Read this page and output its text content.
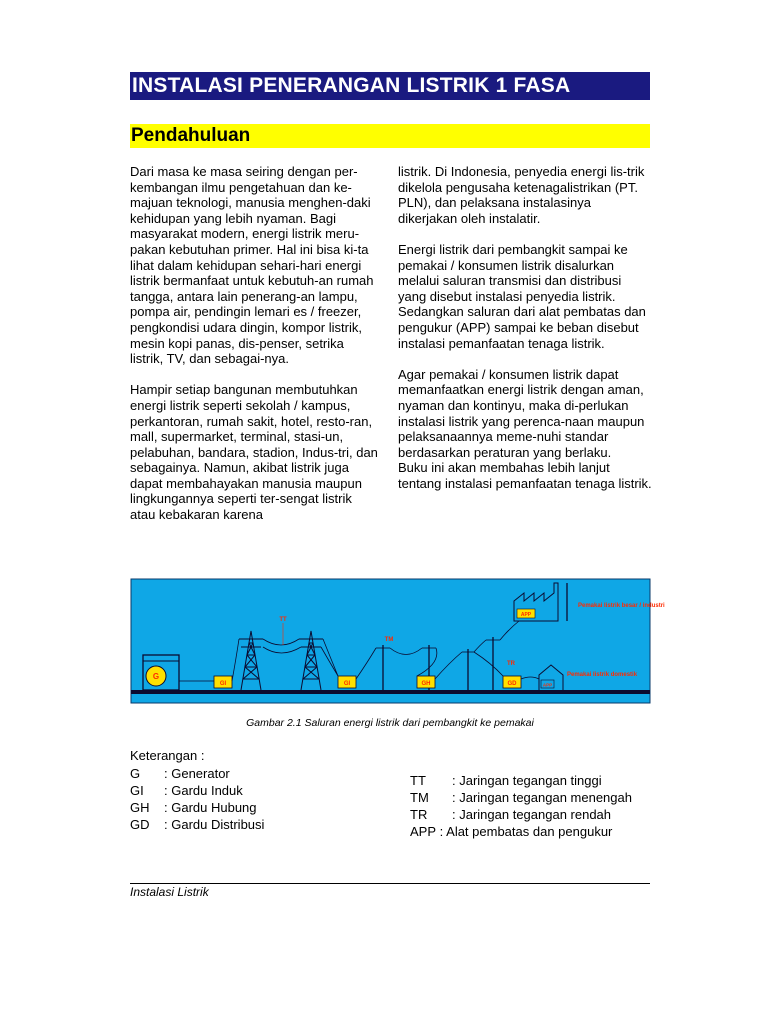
INSTALASI PENERANGAN LISTRIK 1 FASA
Pendahuluan

Dari masa ke masa seiring dengan per-kembangan ilmu pengetahuan dan ke-majuan teknologi, manusia menghen-daki kehidupan yang lebih nyaman. Bagi masyarakat modern, energi listrik meru-pakan kebutuhan primer. Hal ini bisa ki-ta lihat dalam kehidupan sehari-hari energi listrik bermanfaat untuk kebutuh-an rumah tangga, antara lain penerang-an lampu, pompa air, pendingin lemari es / freezer, pengkondisi udara dingin, kompor listrik, mesin kopi panas, dis-penser, setrika listrik, TV, dan sebagai-nya.

Hampir setiap bangunan membutuhkan energi listrik seperti sekolah / kampus, perkantoran, rumah sakit, hotel, resto-ran, mall, supermarket, terminal, stasi-un, pelabuhan, bandara, stadion, Indus-tri, dan sebagainya. Namun, akibat listrik juga dapat membahayakan manusia maupun lingkungannya seperti ter-sengat listrik atau kebakaran karena

listrik. Di Indonesia, penyedia energi lis-trik dikelola pengusaha ketenagalistrikan (PT. PLN), dan pelaksana instalasinya dikerjakan oleh instalatir.

Energi listrik dari pembangkit sampai ke pemakai / konsumen listrik disalurkan melalui saluran transmisi dan distribusi yang disebut instalasi penyedia listrik. Sedangkan saluran dari alat pembatas dan pengukur (APP) sampai ke beban disebut instalasi pemanfaatan tenaga listrik.

Agar pemakai / konsumen listrik dapat memanfaatkan energi listrik dengan aman, nyaman dan kontinyu, maka di-perlukan instalasi listrik yang perenca-naan maupun pelaksanaannya meme-nuhi standar berdasarkan peraturan yang berlaku.

Buku ini akan membahas lebih lanjut tentang instalasi pemanfaatan tenaga listrik.

G
GI
TT
GI
TM
GH	GD
TR
APP
Pemakai listrik domestik
APP
Pemakai listrik besar / industri
Gambar 2.1 Saluran energi listrik dari pembangkit ke pemakai
Keterangan :
G : Generator
GI : Gardu Induk
GH : Gardu Hubung
GD : Gardu Distribusi
TT : Jaringan tegangan tinggi
TM : Jaringan tegangan menengah
TR : Jaringan tegangan rendah
APP : Alat pembatas dan pengukur
Instalasi Listrik
